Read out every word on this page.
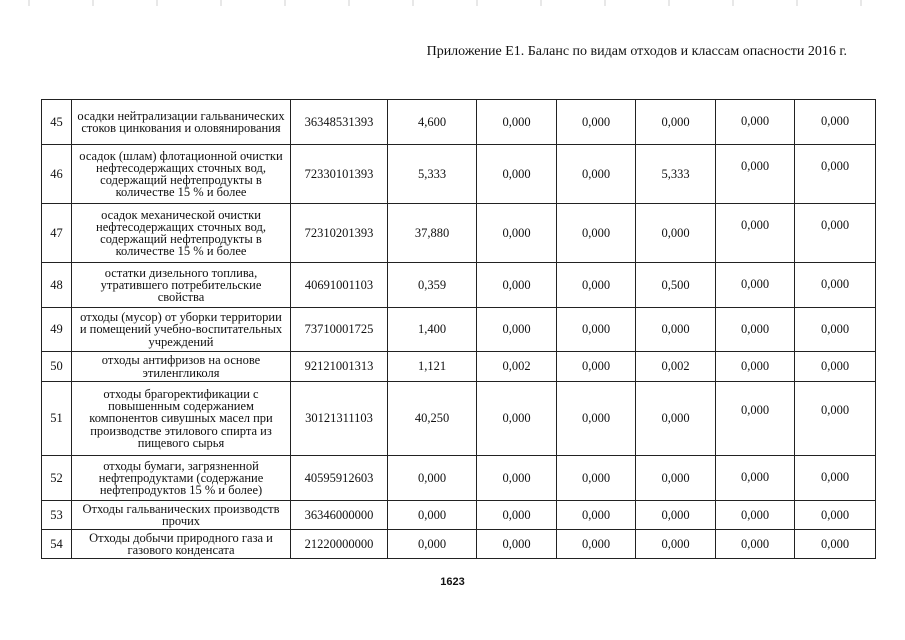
Приложение Е1. Баланс по видам отходов и классам опасности 2016 г.
45	осадки нейтрализации гальванических стоков цинкования и оловянирования	36348531393	4,600	0,000	0,000	0,000	0,000	0,000
46	осадок (шлам) флотационной очистки нефтесодержащих сточных вод, содержащий нефтепродукты в количестве 15 % и более	72330101393	5,333	0,000	0,000	5,333	0,000	0,000
47	осадок механической очистки нефтесодержащих сточных вод, содержащий нефтепродукты в количестве 15 % и более	72310201393	37,880	0,000	0,000	0,000	0,000	0,000
48	остатки дизельного топлива, утратившего потребительские свойства	40691001103	0,359	0,000	0,000	0,500	0,000	0,000
49	отходы (мусор) от уборки территории и помещений учебно-воспитательных учреждений	73710001725	1,400	0,000	0,000	0,000	0,000	0,000
50	отходы антифризов на основе этиленгликоля	92121001313	1,121	0,002	0,000	0,002	0,000	0,000
51	отходы брагоректификации с повышенным содержанием компонентов сивушных масел при производстве этилового спирта из пищевого сырья	30121311103	40,250	0,000	0,000	0,000	0,000	0,000
52	отходы бумаги, загрязненной нефтепродуктами (содержание нефтепродуктов 15 % и более)	40595912603	0,000	0,000	0,000	0,000	0,000	0,000
53	Отходы гальванических производств прочих	36346000000	0,000	0,000	0,000	0,000	0,000	0,000
54	Отходы добычи природного газа и газового конденсата	21220000000	0,000	0,000	0,000	0,000	0,000	0,000
1623
